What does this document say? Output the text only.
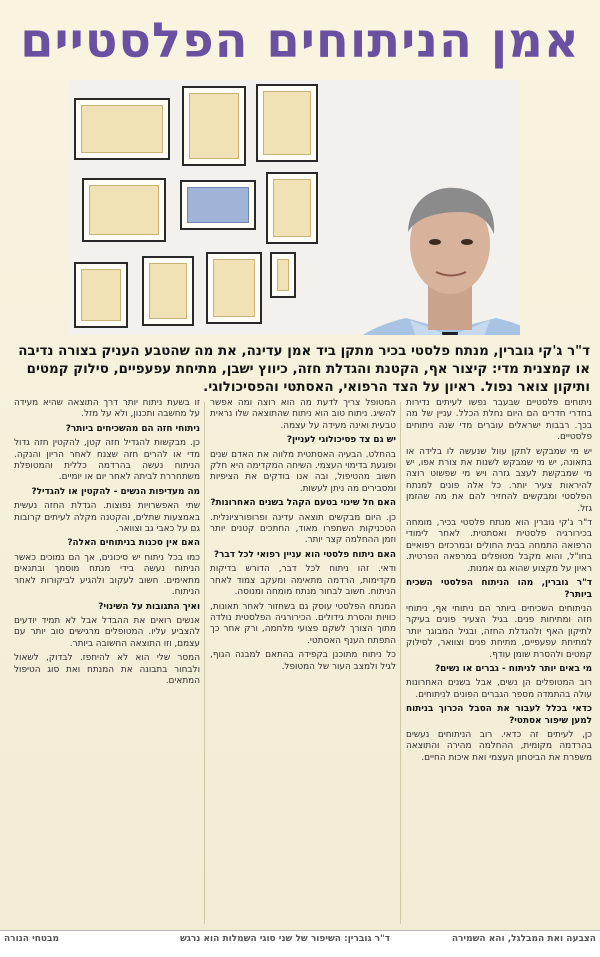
אמן הניתוחים הפלסטיים
ד"ר ג'קי גוברין, מנתח פלסטי בכיר מתקן ביד אמן עדינה, את מה שהטבע העניק בצורה נדיבה או קמצנית מדי: קיצור אף, הקטנת והגדלת חזה, כיווץ ישבן, מתיחת עפעפיים, סילוק קמטים ותיקון צואר נפול. ראיון על הצד הרפואי, האסתטי והפסיכולוגי.

ניתוחים פלסטיים שבעבר נפשו לעיתים נדירות בחדרי חדרים הם היום נחלת הכלל. עניין של מה בכך. רבבות ישראלים עוברים מדי שנה ניתוחים פלסטיים.

יש מי שמבקש לתקן עוול שנעשה לו בלידה או בתאונה, יש מי שמבקש לשנות את צורת אפו, יש מי שמבקשת לעצב גזרה ויש מי שפשוט רוצה להיראות צעיר יותר. כל אלה פונים למנתח הפלסטי ומבקשים להחזיר להם את מה שהזמן גזל.

ד"ר ג'קי גוברין הוא מנתח פלסטי בכיר, מומחה בכירורגיה פלסטית ואסתטית. לאחר לימודי הרפואה התמחה בבית החולים ובמרכזים רפואיים בחו"ל, והוא מקבל מטופלים במרפאה הפרטית. ראיון על מקצוע שהוא גם אמנות.

ד"ר גוברין, מהו הניתוח הפלסטי השכיח ביותר?

הניתוחים השכיחים ביותר הם ניתוחי אף, ניתוחי חזה ומתיחות פנים. בגיל הצעיר פונים בעיקר לתיקון האף ולהגדלת החזה, ובגיל המבוגר יותר למתיחת עפעפיים, מתיחת פנים וצוואר, לסילוק קמטים ולהסרת שומן עודף.

מי באים יותר לניתוח - גברים או נשים?

רוב המטופלים הן נשים, אבל בשנים האחרונות עולה בהתמדה מספר הגברים הפונים לניתוחים.

כדאי בכלל לעבור את הסבל הכרוך בניתוח למען שיפור אסתטי?

כן, לעיתים זה כדאי. רוב הניתוחים נעשים בהרדמה מקומית, ההחלמה מהירה והתוצאה משפרת את הביטחון העצמי ואת איכות החיים.

המטופל צריך לדעת מה הוא רוצה ומה אפשר להשיג. ניתוח טוב הוא ניתוח שהתוצאה שלו נראית טבעית ואינה מעידה על עצמה.

יש גם צד פסיכולוגי לעניין?

בהחלט. הבעיה האסתטית מלווה את האדם שנים ופוגעת בדימוי העצמי. השיחה המקדימה היא חלק חשוב מהטיפול, ובה אנו בודקים את הציפיות ומסבירים מה ניתן לעשות.

האם חל שינוי בטעם הקהל בשנים האחרונות?

כן. היום מבקשים תוצאה עדינה ופרופורציונלית. הטכניקות השתפרו מאוד, החתכים קטנים יותר וזמן ההחלמה קצר יותר.

האם ניתוח פלסטי הוא עניין רפואי לכל דבר?

ודאי. זהו ניתוח לכל דבר, הדורש בדיקות מקדימות, הרדמה מתאימה ומעקב צמוד לאחר הניתוח. חשוב לבחור מנתח מומחה ומנוסה.

המנתח הפלסטי עוסק גם בשחזור לאחר תאונות, כוויות והסרת גידולים. הכירורגיה הפלסטית נולדה מתוך הצורך לשקם פצועי מלחמה, ורק אחר כך התפתח הענף האסתטי.

כל ניתוח מתוכנן בקפידה בהתאם למבנה הגוף, לגיל ולמצב העור של המטופל.

זו בשעת ניתוח יותר דרך התוצאה שהיא מעידה על מחשבה ותכנון, ולא על מזל.

ניתוחי חזה הם מהשכיחים ביותר?

כן. מבקשות להגדיל חזה קטן, להקטין חזה גדול מדי או להרים חזה שצנח לאחר הריון והנקה. הניתוח נעשה בהרדמה כללית והמטופלת משתחררת לביתה לאחר יום או יומיים.

מה מעדיפות הנשים - להקטין או להגדיל?

שתי האפשרויות נפוצות. הגדלת החזה נעשית באמצעות שתלים, והקטנה מקלה לעיתים קרובות גם על כאבי גב וצוואר.

האם אין סכנות בניתוחים האלה?

כמו בכל ניתוח יש סיכונים, אך הם נמוכים כאשר הניתוח נעשה בידי מנתח מוסמך ובתנאים מתאימים. חשוב לעקוב ולהגיע לביקורות לאחר הניתוח.

ואיך התגובות על השינוי?

אנשים רואים את ההבדל אבל לא תמיד יודעים להצביע עליו. המטופלים מרגישים טוב יותר עם עצמם, וזו התוצאה החשובה ביותר.

המסר שלי הוא לא להיחפז. לבדוק, לשאול ולבחור בתבונה את המנתח ואת סוג הטיפול המתאים.

הצבעה ואת המבלגל, והא השמירה
ד"ר גוברין: השיפור של שני סוגי השמלות הוא נרגש
מבטחי הנורה
